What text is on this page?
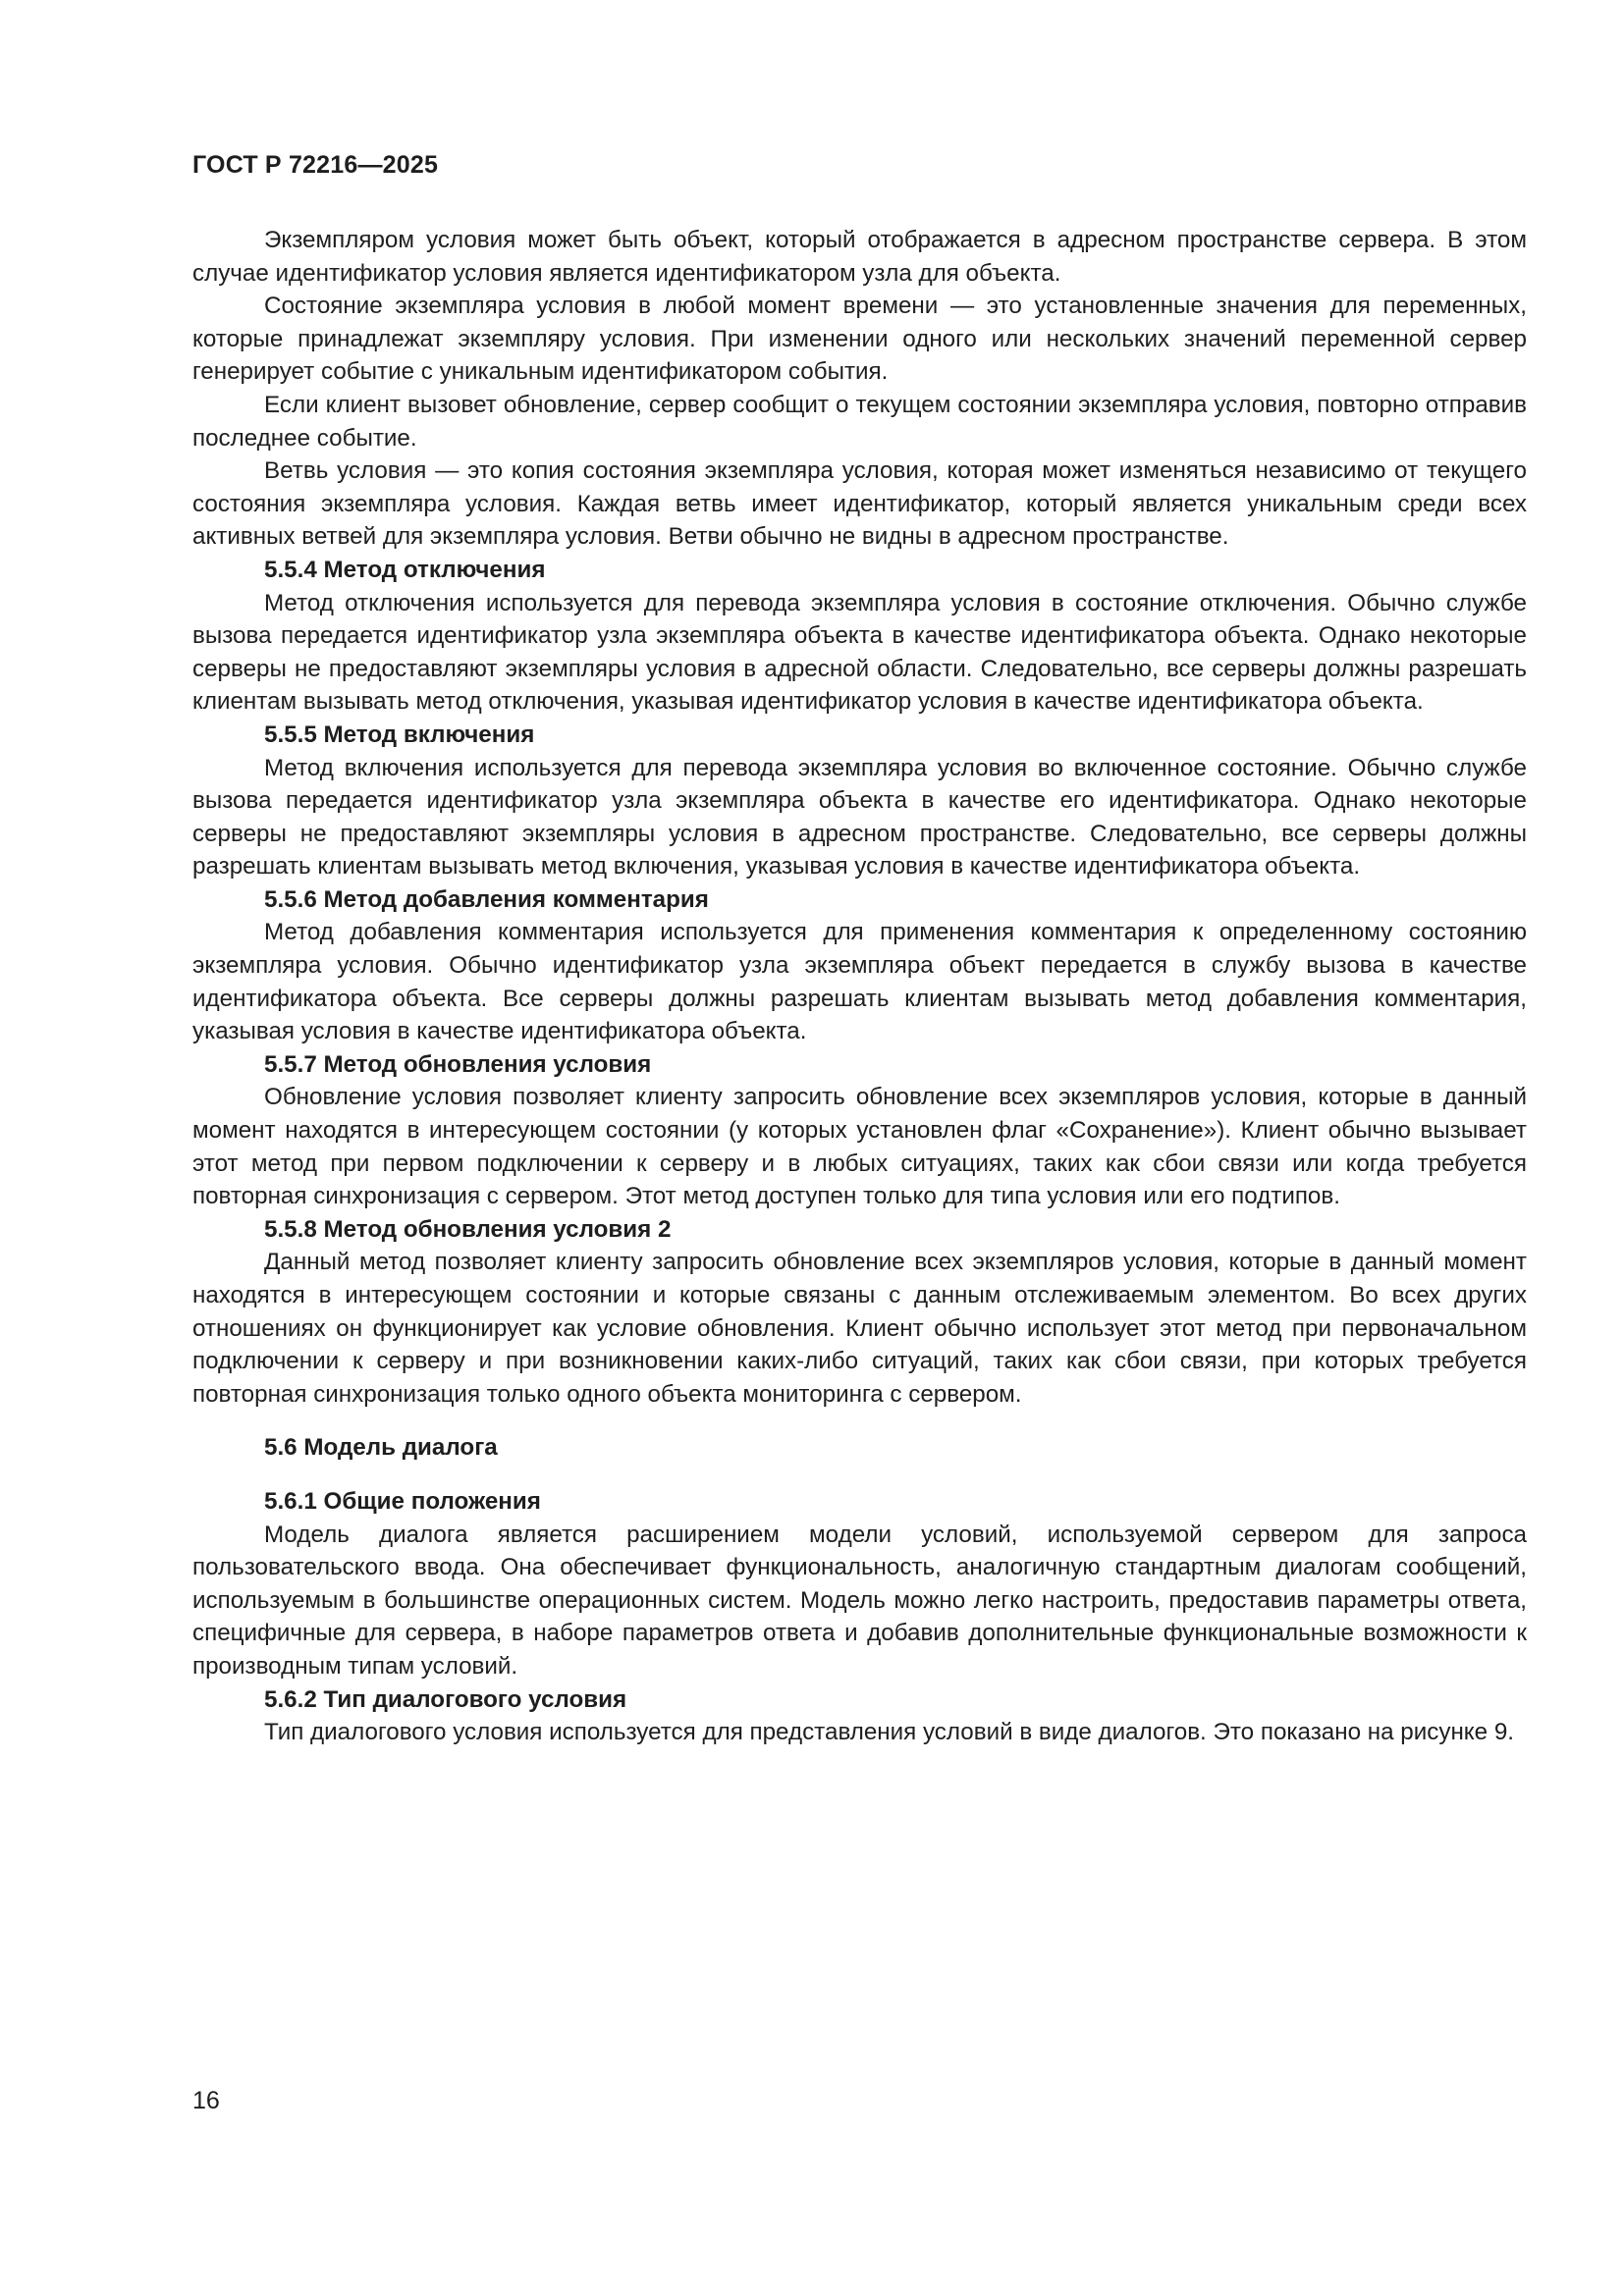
ГОСТ Р 72216—2025

Экземпляром условия может быть объект, который отображается в адресном пространстве сервера. В этом случае идентификатор условия является идентификатором узла для объекта.

Состояние экземпляра условия в любой момент времени — это установленные значения для переменных, которые принадлежат экземпляру условия. При изменении одного или нескольких значений переменной сервер генерирует событие с уникальным идентификатором события.

Если клиент вызовет обновление, сервер сообщит о текущем состоянии экземпляра условия, повторно отправив последнее событие.

Ветвь условия — это копия состояния экземпляра условия, которая может изменяться независимо от текущего состояния экземпляра условия. Каждая ветвь имеет идентификатор, который является уникальным среди всех активных ветвей для экземпляра условия. Ветви обычно не видны в адресном пространстве.

5.5.4 Метод отключения

Метод отключения используется для перевода экземпляра условия в состояние отключения. Обычно службе вызова передается идентификатор узла экземпляра объекта в качестве идентификатора объекта. Однако некоторые серверы не предоставляют экземпляры условия в адресной области. Следовательно, все серверы должны разрешать клиентам вызывать метод отключения, указывая идентификатор условия в качестве идентификатора объекта.

5.5.5 Метод включения

Метод включения используется для перевода экземпляра условия во включенное состояние. Обычно службе вызова передается идентификатор узла экземпляра объекта в качестве его идентификатора. Однако некоторые серверы не предоставляют экземпляры условия в адресном пространстве. Следовательно, все серверы должны разрешать клиентам вызывать метод включения, указывая условия в качестве идентификатора объекта.

5.5.6 Метод добавления комментария

Метод добавления комментария используется для применения комментария к определенному состоянию экземпляра условия. Обычно идентификатор узла экземпляра объект передается в службу вызова в качестве идентификатора объекта. Все серверы должны разрешать клиентам вызывать метод добавления комментария, указывая условия в качестве идентификатора объекта.

5.5.7 Метод обновления условия

Обновление условия позволяет клиенту запросить обновление всех экземпляров условия, которые в данный момент находятся в интересующем состоянии (у которых установлен флаг «Сохранение»). Клиент обычно вызывает этот метод при первом подключении к серверу и в любых ситуациях, таких как сбои связи или когда требуется повторная синхронизация с сервером. Этот метод доступен только для типа условия или его подтипов.

5.5.8 Метод обновления условия 2

Данный метод позволяет клиенту запросить обновление всех экземпляров условия, которые в данный момент находятся в интересующем состоянии и которые связаны с данным отслеживаемым элементом. Во всех других отношениях он функционирует как условие обновления. Клиент обычно использует этот метод при первоначальном подключении к серверу и при возникновении каких-либо ситуаций, таких как сбои связи, при которых требуется повторная синхронизация только одного объекта мониторинга с сервером.

5.6 Модель диалога
5.6.1 Общие положения

Модель диалога является расширением модели условий, используемой сервером для запроса пользовательского ввода. Она обеспечивает функциональность, аналогичную стандартным диалогам сообщений, используемым в большинстве операционных систем. Модель можно легко настроить, предоставив параметры ответа, специфичные для сервера, в наборе параметров ответа и добавив дополнительные функциональные возможности к производным типам условий.

5.6.2 Тип диалогового условия

Тип диалогового условия используется для представления условий в виде диалогов. Это показано на рисунке 9.

16
